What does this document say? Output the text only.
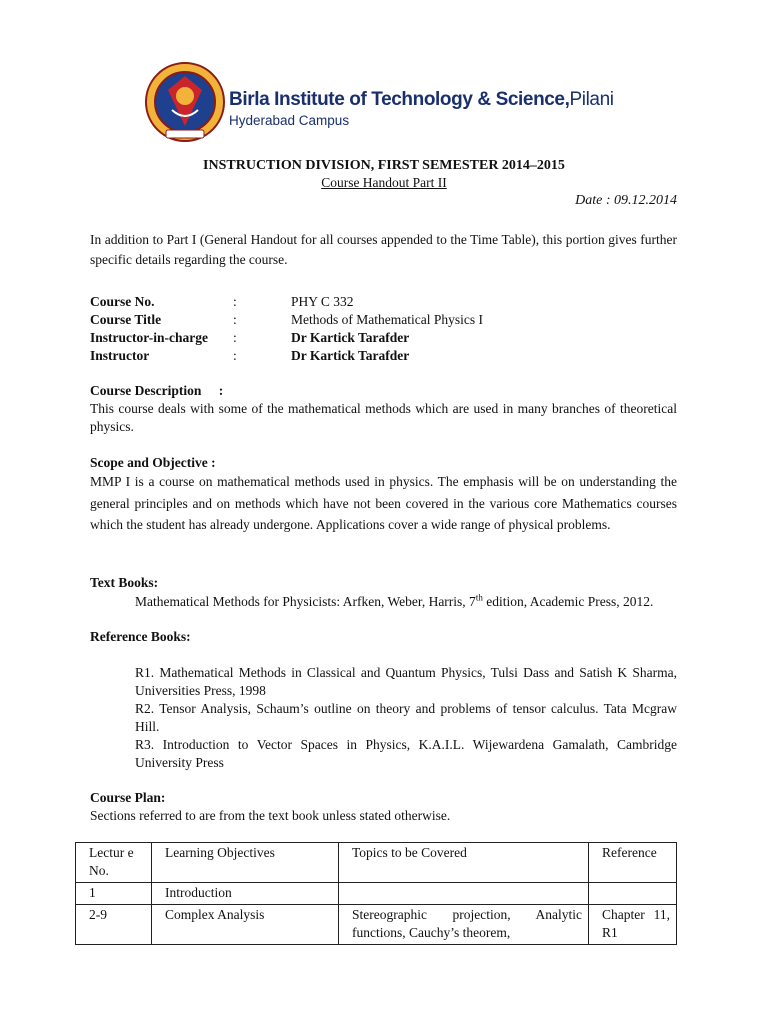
Birla Institute of Technology & Science,Pilani
Hyderabad Campus
INSTRUCTION DIVISION, FIRST SEMESTER 2014–2015
Course Handout Part II
Date : 09.12.2014
In addition to Part I (General Handout for all courses appended to the Time Table), this portion gives further specific details regarding the course.
Course No.	:	PHY C 332
Course Title	:	Methods of Mathematical Physics I
Instructor-in-charge :	Dr Kartick Tarafder
Instructor	:	Dr Kartick Tarafder
Course Description :
This course deals with some of the mathematical methods which are used in many branches of theoretical physics.
Scope and Objective :
MMP I is a course on mathematical methods used in physics. The emphasis will be on understanding the general principles and on methods which have not been covered in the various core Mathematics courses which the student has already undergone. Applications cover a wide range of physical problems.
Text Books:
Mathematical Methods for Physicists: Arfken, Weber, Harris, 7th edition, Academic Press, 2012.
Reference Books:
R1. Mathematical Methods in Classical and Quantum Physics, Tulsi Dass and Satish K Sharma, Universities Press, 1998
R2. Tensor Analysis, Schaum’s outline on theory and problems of tensor calculus. Tata Mcgraw Hill.
R3. Introduction to Vector Spaces in Physics, K.A.I.L. Wijewardena Gamalath, Cambridge University Press
Course Plan:
Sections referred to are from the text book unless stated otherwise.
Lectur e No.	Learning Objectives	Topics to be Covered	Reference
1	Introduction		
2-9	Complex Analysis	Stereographic projection, Analytic functions, Cauchy’s theorem,	Chapter 11, R1
